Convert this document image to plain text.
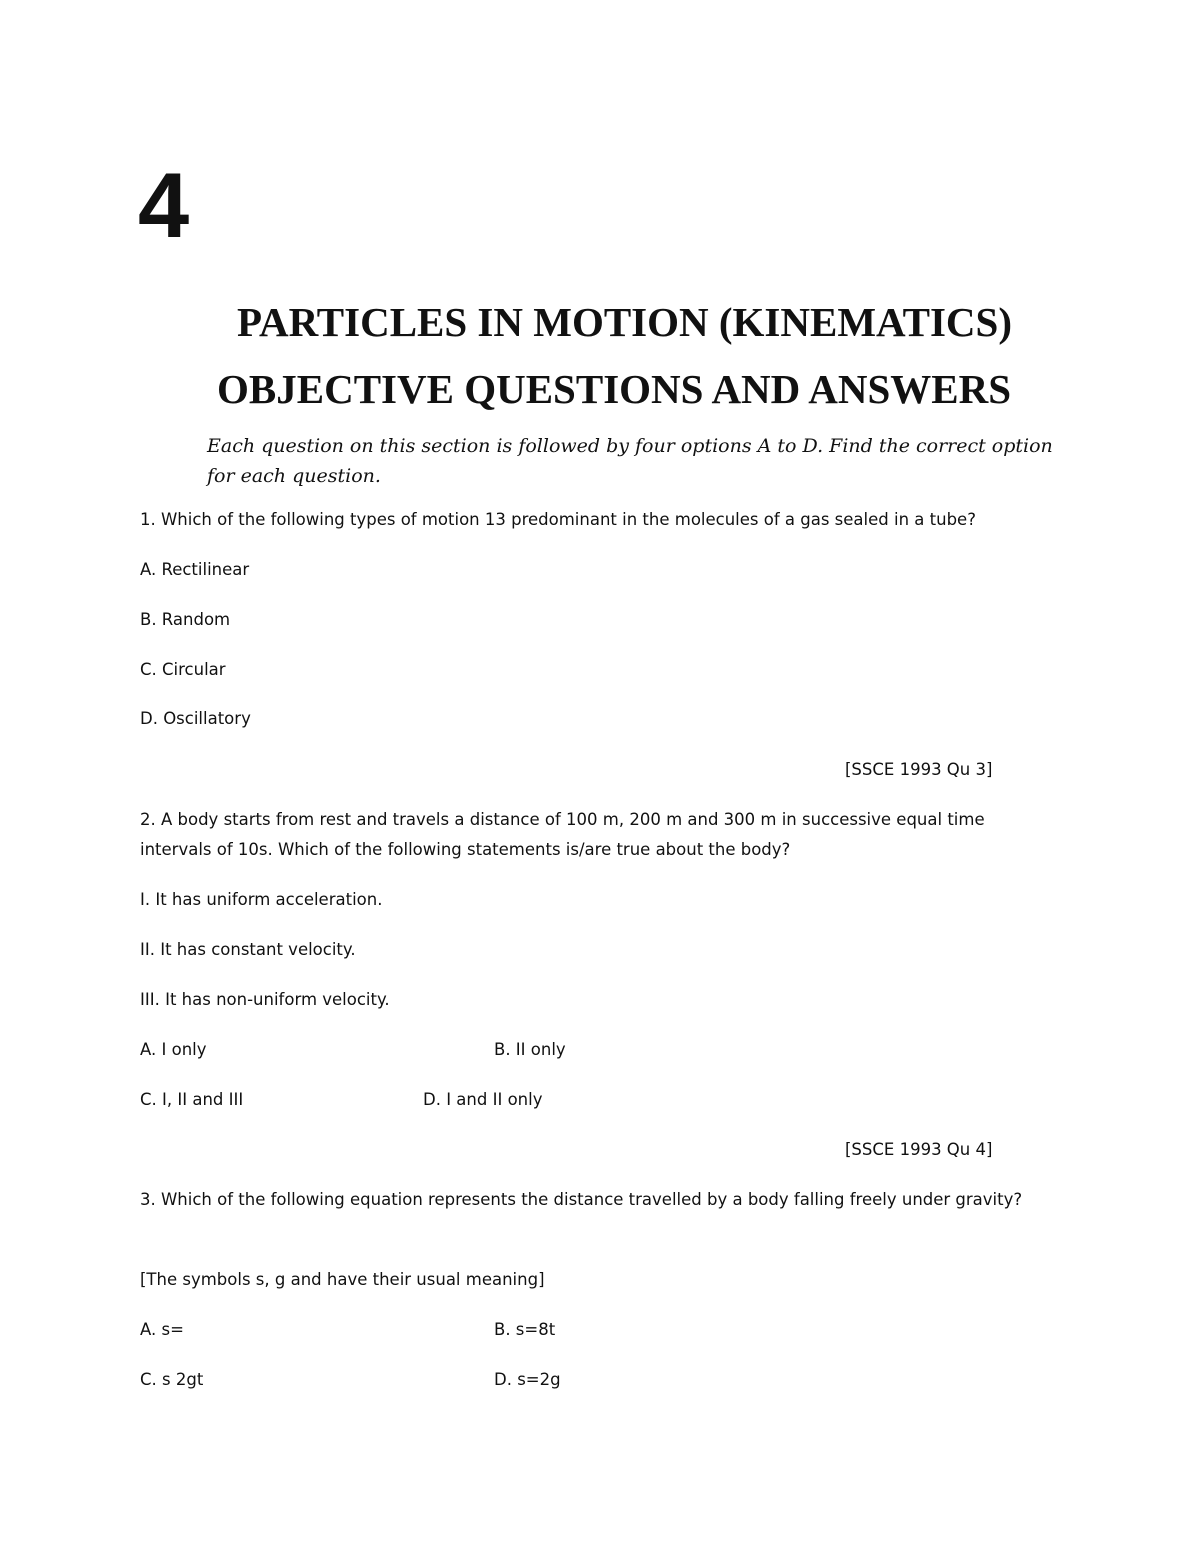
4
PARTICLES IN MOTION (KINEMATICS)
OBJECTIVE QUESTIONS AND ANSWERS
Each question on this section is followed by four options A to D. Find the correct option for each question.
1. Which of the following types of motion 13 predominant in the molecules of a gas sealed in a tube?
A. Rectilinear
B. Random
C. Circular
D. Oscillatory
[SSCE 1993 Qu 3]
2. A body starts from rest and travels a distance of 100 m, 200 m and 300 m in successive equal time intervals of 10s. Which of the following statements is/are true about the body?
I. It has uniform acceleration.
II. It has constant velocity.
III. It has non-uniform velocity.
A. I only	B. II only
C. I, II and III	D. I and II only
[SSCE 1993 Qu 4]
3. Which of the following equation represents the distance travelled by a body falling freely under gravity?
[The symbols s, g and have their usual meaning]
A. s=	B. s=8t
C. s 2gt	D. s=2g
